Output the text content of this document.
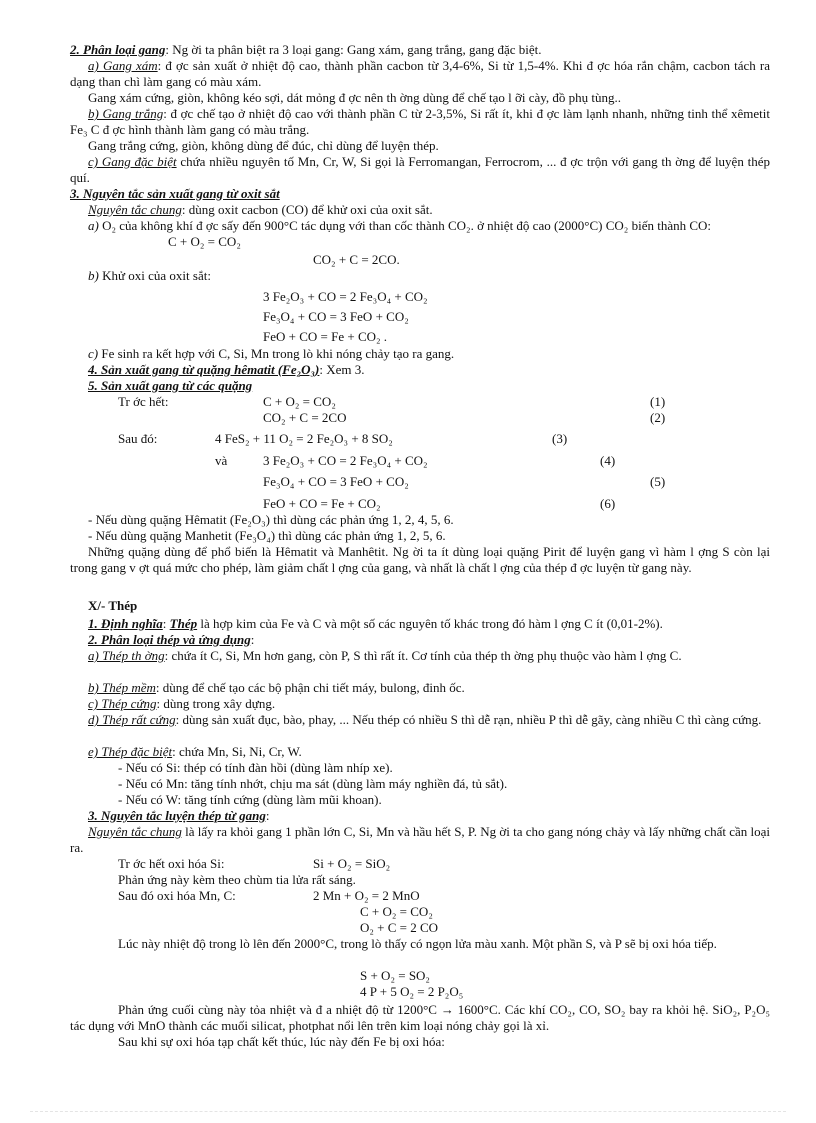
2. Phân loại gang: Ng ời ta phân biệt ra 3 loại gang: Gang xám, gang trắng, gang đặc biệt.
a) Gang xám: đ ợc sản xuất ở nhiệt độ cao, thành phần cacbon từ 3,4-6%, Si từ 1,5-4%. Khi đ ợc hóa rắn chậm, cacbon tách ra dạng than chì làm gang có màu xám.
Gang xám cứng, giòn, không kéo sợi, dát mỏng đ ợc nên th ờng dùng để chế tạo l ỡi cày, đồ phụ tùng..
b) Gang trắng: đ ợc chế tạo ở nhiệt độ cao với thành phần C từ 2-3,5%, Si rất ít, khi đ ợc làm lạnh nhanh, những tinh thể xêmetit Fe₃ C đ ợc hình thành làm gang có màu trắng.
Gang trắng cứng, giòn, không dùng để đúc, chỉ dùng để luyện thép.
c) Gang đặc biệt chứa nhiều nguyên tố Mn, Cr, W, Si gọi là Ferromangan, Ferrocrom, ... đ ợc trộn với gang th ờng để luyện thép quí.
3. Nguyên tắc sản xuất gang từ oxit sắt
Nguyên tắc chung: dùng oxit cacbon (CO) để khử oxi của oxit sắt.
a) O₂ của không khí đ ợc sấy đến 900°C tác dụng với than cốc thành CO₂. ở nhiệt độ cao (2000°C) CO₂ biến thành CO:
C + O₂ = CO₂
CO₂ + C = 2CO.
b) Khử oxi của oxit sắt:
3 Fe₂O₃ + CO = 2 Fe₃O₄ + CO₂
Fe₃O₄ + CO = 3 FeO + CO₂
FeO + CO = Fe + CO₂ .
c) Fe sinh ra kết hợp với C, Si, Mn trong lò khi nóng chảy tạo ra gang.
4. Sản xuất gang từ quặng hêmatit (Fe₂O₃): Xem 3.
5. Sản xuất gang từ các quặng
Tr ớc hết:	C + O₂ = CO₂	(1)
CO₂ + C = 2CO	(2)
Sau đó:	4 FeS₂ + 11 O₂ = 2 Fe₂O₃ + 8 SO₂	(3)
và	3 Fe₂O₃ + CO = 2 Fe₃O₄ + CO₂	(4)
Fe₃O₄ + CO = 3 FeO + CO₂	(5)
FeO + CO = Fe + CO₂	(6)
- Nếu dùng quặng Hêmatit (Fe₂O₃) thì dùng các phản ứng 1, 2, 4, 5, 6.
- Nếu dùng quặng Manhetit (Fe₃O₄) thì dùng các phản ứng 1, 2, 5, 6.
Những quặng dùng để phổ biến là Hêmatit và Manhêtit. Ng ời ta ít dùng loại quặng Pirit để luyện gang vì hàm l ợng S còn lại trong gang v ợt quá mức cho phép, làm giảm chất l ợng của gang, và nhất là chất l ợng của thép đ ợc luyện từ gang này.
X/- Thép
1. Định nghĩa: Thép là hợp kim của Fe và C và một số các nguyên tố khác trong đó hàm l ợng C ít (0,01-2%).
2. Phân loại thép và ứng dụng:
a) Thép th ờng: chứa ít C, Si, Mn hơn gang, còn P, S thì rất ít. Cơ tính của thép th ờng phụ thuộc vào hàm l ợng C.
b) Thép mềm: dùng để chế tạo các bộ phận chi tiết máy, bulong, đinh ốc.
c) Thép cứng: dùng trong xây dựng.
d) Thép rất cứng: dùng sản xuất đục, bào, phay, ... Nếu thép có nhiều S thì dễ rạn, nhiều P thì dễ gãy, càng nhiều C thì càng cứng.
e) Thép đặc biệt: chứa Mn, Si, Ni, Cr, W.
- Nếu có Si: thép có tính đàn hồi (dùng làm nhíp xe).
- Nếu có Mn: tăng tính nhớt, chịu ma sát (dùng làm máy nghiền đá, tủ sắt).
- Nếu có W: tăng tính cứng (dùng làm mũi khoan).
3. Nguyên tắc luyện thép từ gang:
Nguyên tắc chung là lấy ra khỏi gang 1 phần lớn C, Si, Mn và hầu hết S, P. Ng ời ta cho gang nóng chảy và lấy những chất cần loại ra.
Tr ớc hết oxi hóa Si:	Si + O₂ = SiO₂
Phản ứng này kèm theo chùm tia lửa rất sáng.
Sau đó oxi hóa Mn, C:	2 Mn + O₂ = 2 MnO
C + O₂ = CO₂
O₂ + C = 2 CO
Lúc này nhiệt độ trong lò lên đến 2000°C, trong lò thấy có ngọn lửa màu xanh. Một phần S, và P sẽ bị oxi hóa tiếp.
S + O₂ = SO₂
4 P + 5 O₂ = 2 P₂O₅
Phản ứng cuối cùng này tỏa nhiệt và đ a nhiệt độ từ 1200°C → 1600°C. Các khí CO₂, CO, SO₂ bay ra khỏi hệ. SiO₂, P₂O₅ tác dụng với MnO thành các muối silicat, photphat nổi lên trên kim loại nóng chảy gọi là xỉ.
Sau khi sự oxi hóa tạp chất kết thúc, lúc này đến Fe bị oxi hóa:
